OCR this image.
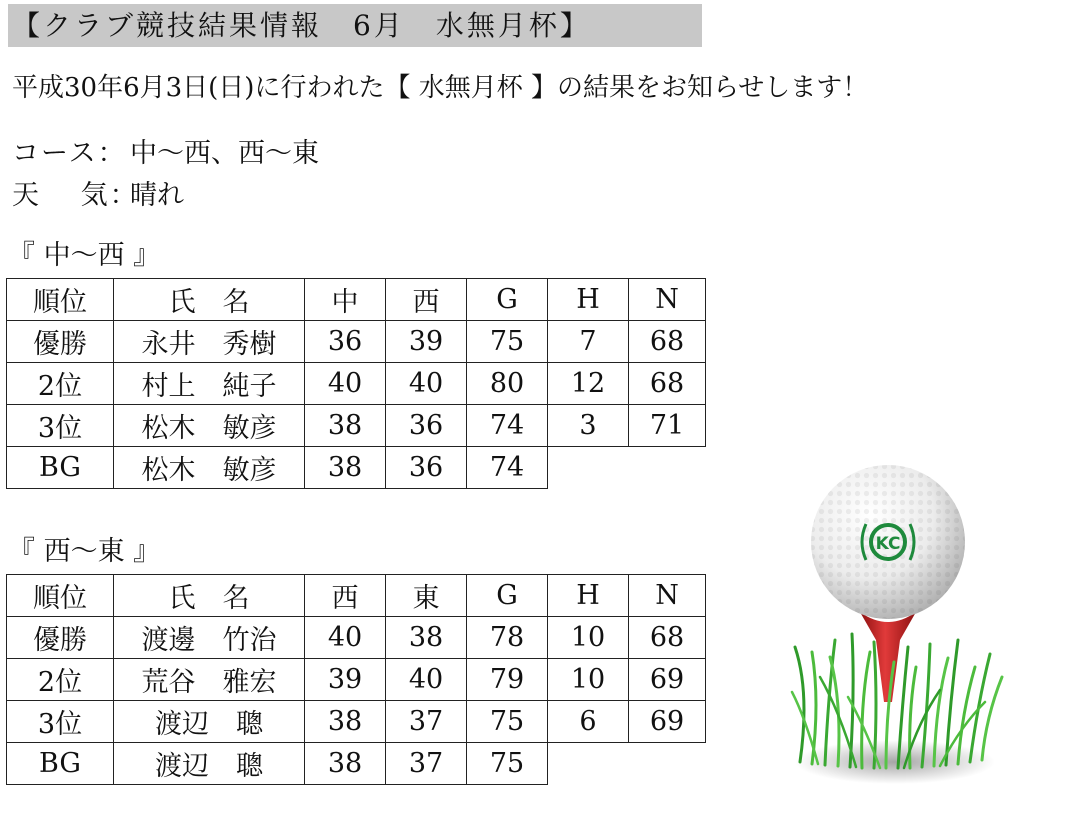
【クラブ競技結果情報　6月　水無月杯】
平成30年6月3日(日)に行われた【 水無月杯 】の結果をお知らせします！
コース： 中～西、西～東
天　 気：晴れ
『 中～西 』
順位	氏　名	中	西	G	H	N
優勝	永井　秀樹	36	39	75	7	68
2位	村上　純子	40	40	80	12	68
3位	松木　敏彦	38	36	74	3	71
BG	松木　敏彦	38	36	74		
『 西～東 』
順位	氏　名	西	東	G	H	N
優勝	渡邊　竹治	40	38	78	10	68
2位	荒谷　雅宏	39	40	79	10	69
3位	渡辺　聰	38	37	75	6	69
BG	渡辺　聰	38	37	75		
KC
